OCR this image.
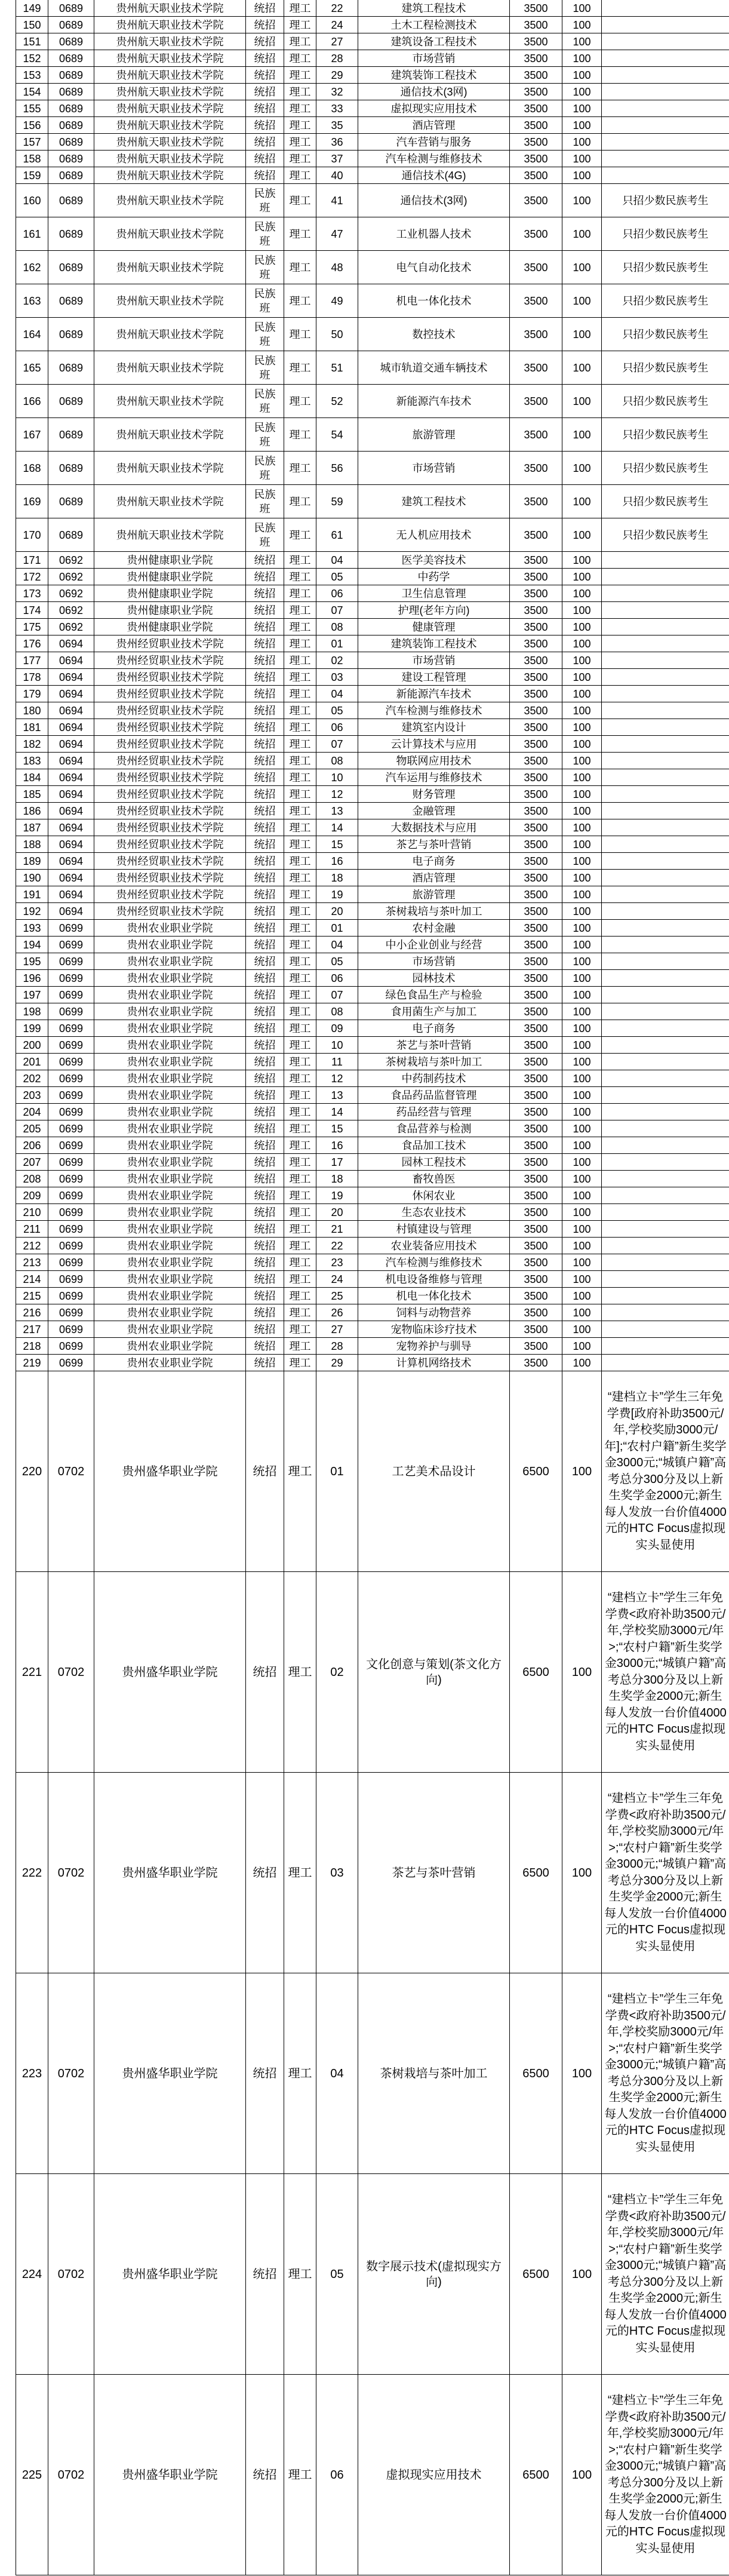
149	0689	贵州航天职业技术学院	统招	理工	22	建筑工程技术	3500	100	
150	0689	贵州航天职业技术学院	统招	理工	24	土木工程检测技术	3500	100	
151	0689	贵州航天职业技术学院	统招	理工	27	建筑设备工程技术	3500	100	
152	0689	贵州航天职业技术学院	统招	理工	28	市场营销	3500	100	
153	0689	贵州航天职业技术学院	统招	理工	29	建筑装饰工程技术	3500	100	
154	0689	贵州航天职业技术学院	统招	理工	32	通信技术(3网)	3500	100	
155	0689	贵州航天职业技术学院	统招	理工	33	虚拟现实应用技术	3500	100	
156	0689	贵州航天职业技术学院	统招	理工	35	酒店管理	3500	100	
157	0689	贵州航天职业技术学院	统招	理工	36	汽车营销与服务	3500	100	
158	0689	贵州航天职业技术学院	统招	理工	37	汽车检测与维修技术	3500	100	
159	0689	贵州航天职业技术学院	统招	理工	40	通信技术(4G)	3500	100	
160	0689	贵州航天职业技术学院	民族班	理工	41	通信技术(3网)	3500	100	只招少数民族考生
161	0689	贵州航天职业技术学院	民族班	理工	47	工业机器人技术	3500	100	只招少数民族考生
162	0689	贵州航天职业技术学院	民族班	理工	48	电气自动化技术	3500	100	只招少数民族考生
163	0689	贵州航天职业技术学院	民族班	理工	49	机电一体化技术	3500	100	只招少数民族考生
164	0689	贵州航天职业技术学院	民族班	理工	50	数控技术	3500	100	只招少数民族考生
165	0689	贵州航天职业技术学院	民族班	理工	51	城市轨道交通车辆技术	3500	100	只招少数民族考生
166	0689	贵州航天职业技术学院	民族班	理工	52	新能源汽车技术	3500	100	只招少数民族考生
167	0689	贵州航天职业技术学院	民族班	理工	54	旅游管理	3500	100	只招少数民族考生
168	0689	贵州航天职业技术学院	民族班	理工	56	市场营销	3500	100	只招少数民族考生
169	0689	贵州航天职业技术学院	民族班	理工	59	建筑工程技术	3500	100	只招少数民族考生
170	0689	贵州航天职业技术学院	民族班	理工	61	无人机应用技术	3500	100	只招少数民族考生
171	0692	贵州健康职业学院	统招	理工	04	医学美容技术	3500	100	
172	0692	贵州健康职业学院	统招	理工	05	中药学	3500	100	
173	0692	贵州健康职业学院	统招	理工	06	卫生信息管理	3500	100	
174	0692	贵州健康职业学院	统招	理工	07	护理(老年方向)	3500	100	
175	0692	贵州健康职业学院	统招	理工	08	健康管理	3500	100	
176	0694	贵州经贸职业技术学院	统招	理工	01	建筑装饰工程技术	3500	100	
177	0694	贵州经贸职业技术学院	统招	理工	02	市场营销	3500	100	
178	0694	贵州经贸职业技术学院	统招	理工	03	建设工程管理	3500	100	
179	0694	贵州经贸职业技术学院	统招	理工	04	新能源汽车技术	3500	100	
180	0694	贵州经贸职业技术学院	统招	理工	05	汽车检测与维修技术	3500	100	
181	0694	贵州经贸职业技术学院	统招	理工	06	建筑室内设计	3500	100	
182	0694	贵州经贸职业技术学院	统招	理工	07	云计算技术与应用	3500	100	
183	0694	贵州经贸职业技术学院	统招	理工	08	物联网应用技术	3500	100	
184	0694	贵州经贸职业技术学院	统招	理工	10	汽车运用与维修技术	3500	100	
185	0694	贵州经贸职业技术学院	统招	理工	12	财务管理	3500	100	
186	0694	贵州经贸职业技术学院	统招	理工	13	金融管理	3500	100	
187	0694	贵州经贸职业技术学院	统招	理工	14	大数据技术与应用	3500	100	
188	0694	贵州经贸职业技术学院	统招	理工	15	茶艺与茶叶营销	3500	100	
189	0694	贵州经贸职业技术学院	统招	理工	16	电子商务	3500	100	
190	0694	贵州经贸职业技术学院	统招	理工	18	酒店管理	3500	100	
191	0694	贵州经贸职业技术学院	统招	理工	19	旅游管理	3500	100	
192	0694	贵州经贸职业技术学院	统招	理工	20	茶树栽培与茶叶加工	3500	100	
193	0699	贵州农业职业学院	统招	理工	01	农村金融	3500	100	
194	0699	贵州农业职业学院	统招	理工	04	中小企业创业与经营	3500	100	
195	0699	贵州农业职业学院	统招	理工	05	市场营销	3500	100	
196	0699	贵州农业职业学院	统招	理工	06	园林技术	3500	100	
197	0699	贵州农业职业学院	统招	理工	07	绿色食品生产与检验	3500	100	
198	0699	贵州农业职业学院	统招	理工	08	食用菌生产与加工	3500	100	
199	0699	贵州农业职业学院	统招	理工	09	电子商务	3500	100	
200	0699	贵州农业职业学院	统招	理工	10	茶艺与茶叶营销	3500	100	
201	0699	贵州农业职业学院	统招	理工	11	茶树栽培与茶叶加工	3500	100	
202	0699	贵州农业职业学院	统招	理工	12	中药制药技术	3500	100	
203	0699	贵州农业职业学院	统招	理工	13	食品药品监督管理	3500	100	
204	0699	贵州农业职业学院	统招	理工	14	药品经营与管理	3500	100	
205	0699	贵州农业职业学院	统招	理工	15	食品营养与检测	3500	100	
206	0699	贵州农业职业学院	统招	理工	16	食品加工技术	3500	100	
207	0699	贵州农业职业学院	统招	理工	17	园林工程技术	3500	100	
208	0699	贵州农业职业学院	统招	理工	18	畜牧兽医	3500	100	
209	0699	贵州农业职业学院	统招	理工	19	休闲农业	3500	100	
210	0699	贵州农业职业学院	统招	理工	20	生态农业技术	3500	100	
211	0699	贵州农业职业学院	统招	理工	21	村镇建设与管理	3500	100	
212	0699	贵州农业职业学院	统招	理工	22	农业装备应用技术	3500	100	
213	0699	贵州农业职业学院	统招	理工	23	汽车检测与维修技术	3500	100	
214	0699	贵州农业职业学院	统招	理工	24	机电设备维修与管理	3500	100	
215	0699	贵州农业职业学院	统招	理工	25	机电一体化技术	3500	100	
216	0699	贵州农业职业学院	统招	理工	26	饲料与动物营养	3500	100	
217	0699	贵州农业职业学院	统招	理工	27	宠物临床诊疗技术	3500	100	
218	0699	贵州农业职业学院	统招	理工	28	宠物养护与驯导	3500	100	
219	0699	贵州农业职业学院	统招	理工	29	计算机网络技术	3500	100	
220	0702	贵州盛华职业学院	统招	理工	01	工艺美术品设计	6500	100	“建档立卡”学生三年免学费[政府补助3500元/年,学校奖励3000元/年];“农村户籍”新生奖学金3000元;“城镇户籍”高考总分300分及以上新生奖学金2000元;新生每人发放一台价值4000元的HTC Focus虚拟现实头显使用
221	0702	贵州盛华职业学院	统招	理工	02	文化创意与策划(茶文化方向)	6500	100	“建档立卡”学生三年免学费<政府补助3500元/年,学校奖励3000元/年>;“农村户籍”新生奖学金3000元;“城镇户籍”高考总分300分及以上新生奖学金2000元;新生每人发放一台价值4000元的HTC Focus虚拟现实头显使用
222	0702	贵州盛华职业学院	统招	理工	03	茶艺与茶叶营销	6500	100	“建档立卡”学生三年免学费<政府补助3500元/年,学校奖励3000元/年>;“农村户籍”新生奖学金3000元;“城镇户籍”高考总分300分及以上新生奖学金2000元;新生每人发放一台价值4000元的HTC Focus虚拟现实头显使用
223	0702	贵州盛华职业学院	统招	理工	04	茶树栽培与茶叶加工	6500	100	“建档立卡”学生三年免学费<政府补助3500元/年,学校奖励3000元/年>;“农村户籍”新生奖学金3000元;“城镇户籍”高考总分300分及以上新生奖学金2000元;新生每人发放一台价值4000元的HTC Focus虚拟现实头显使用
224	0702	贵州盛华职业学院	统招	理工	05	数字展示技术(虚拟现实方向)	6500	100	“建档立卡”学生三年免学费<政府补助3500元/年,学校奖励3000元/年>;“农村户籍”新生奖学金3000元;“城镇户籍”高考总分300分及以上新生奖学金2000元;新生每人发放一台价值4000元的HTC Focus虚拟现实头显使用
225	0702	贵州盛华职业学院	统招	理工	06	虚拟现实应用技术	6500	100	“建档立卡”学生三年免学费<政府补助3500元/年,学校奖励3000元/年>;“农村户籍”新生奖学金3000元;“城镇户籍”高考总分300分及以上新生奖学金2000元;新生每人发放一台价值4000元的HTC Focus虚拟现实头显使用
